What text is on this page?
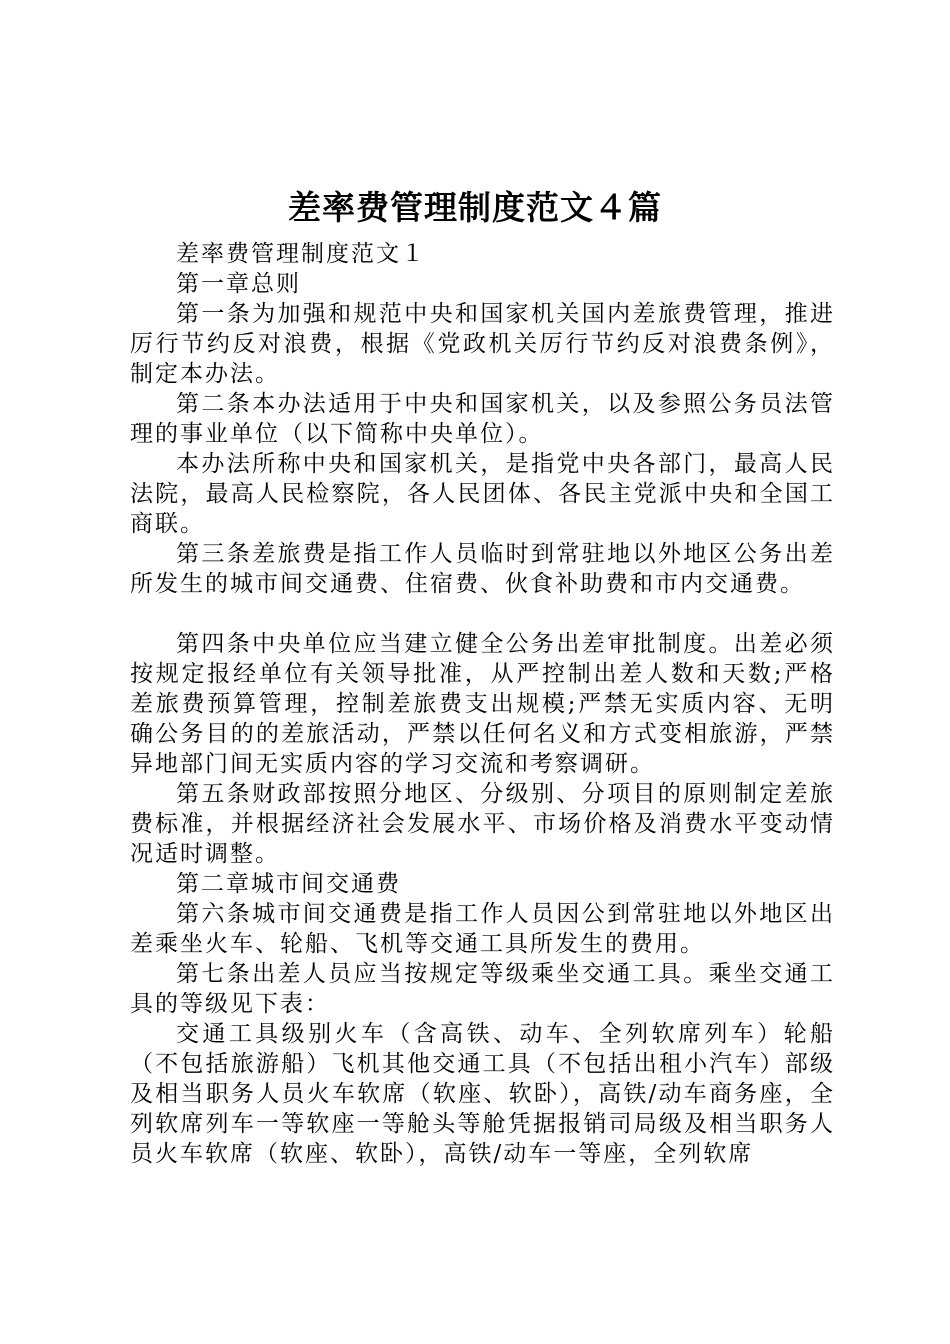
差率费管理制度范文４篇

差率费管理制度范文１

第一章总则

第一条为加强和规范中央和国家机关国内差旅费管理，推进厉行节约反对浪费，根据《党政机关厉行节约反对浪费条例》，制定本办法。

第二条本办法适用于中央和国家机关，以及参照公务员法管理的事业单位（以下简称中央单位）。

本办法所称中央和国家机关，是指党中央各部门，最高人民法院，最高人民检察院，各人民团体、各民主党派中央和全国工商联。

第三条差旅费是指工作人员临时到常驻地以外地区公务出差所发生的城市间交通费、住宿费、伙食补助费和市内交通费。

第四条中央单位应当建立健全公务出差审批制度。出差必须按规定报经单位有关领导批准，从严控制出差人数和天数;严格差旅费预算管理，控制差旅费支出规模;严禁无实质内容、无明确公务目的的差旅活动，严禁以任何名义和方式变相旅游，严禁异地部门间无实质内容的学习交流和考察调研。

第五条财政部按照分地区、分级别、分项目的原则制定差旅费标准，并根据经济社会发展水平、市场价格及消费水平变动情况适时调整。

第二章城市间交通费

第六条城市间交通费是指工作人员因公到常驻地以外地区出差乘坐火车、轮船、飞机等交通工具所发生的费用。

第七条出差人员应当按规定等级乘坐交通工具。乘坐交通工具的等级见下表：

交通工具级别火车（含高铁、动车、全列软席列车）轮船（不包括旅游船）飞机其他交通工具（不包括出租小汽车）部级及相当职务人员火车软席（软座、软卧），高铁/动车商务座，全列软席列车一等软座一等舱头等舱凭据报销司局级及相当职务人员火车软席（软座、软卧），高铁/动车一等座，全列软席
